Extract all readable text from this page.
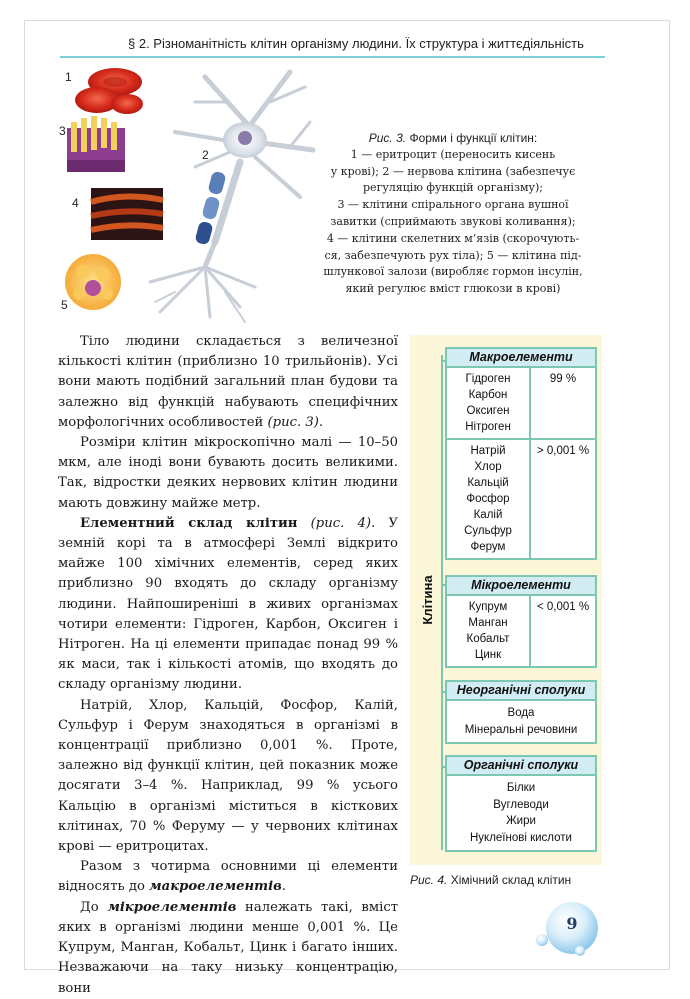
§ 2. Різноманітність клітин організму людини. Їх структура і життєдіяльність
1
2
3
4
5

Рис. 3. Форми і функції клітин:

1 — еритроцит (переносить кисень

у крові); 2 — нервова клітина (забезпечує

регуляцію функцій організму);

3 — клітини спірального органа вушної

завитки (сприймають звукові коливання);

4 — клітини скелетних м’язів (скорочують-

ся, забезпечують рух тіла); 5 — клітина під-

шлункової залози (виробляє гормон інсулін,

який регулює вміст глюкози в крові)

Тіло людини складається з величезної кількості клітин (приблизно 10 трильйонів). Усі вони мають подібний загальний план будови та залежно від функцій набувають специфічних морфологічних особливостей (рис. 3).

Розміри клітин мікроскопічно малі — 10–50 мкм, але іноді вони бувають досить великими. Так, відростки деяких нервових клітин людини мають довжину майже метр.

Елементний склад клітин (рис. 4). У земній корі та в атмосфері Землі відкрито майже 100 хімічних елементів, серед яких приблизно 90 входять до складу організму людини. Найпоширеніші в живих організмах чотири елементи: Гідроген, Карбон, Оксиген і Нітроген. На ці елементи припадає понад 99 % як маси, так і кількості атомів, що входять до складу організму людини.

Натрій, Хлор, Кальцій, Фосфор, Калій, Сульфур і Ферум знаходяться в організмі в концентрації приблизно 0,001 %. Проте, залежно від функції клітин, цей показник може досягати 3–4 %. Наприклад, 99 % усього Кальцію в організмі міститься в кісткових клітинах, 70 % Феруму — у червоних клітинах крові — еритроцитах.

Разом з чотирма основними ці елементи відносять до макроелементів.

До мікроелементів належать такі, вміст яких в організмі людини менше 0,001 %. Це Купрум, Манган, Кобальт, Цинк і багато інших. Незважаючи на таку низьку концентрацію, вони

Клітина
Макроелементи
Гідроген
Карбон
Оксиген
Нітроген
99 %
Натрій
Хлор
Кальцій
Фосфор
Калій
Сульфур
Ферум
> 0,001 %
Мікроелементи
Купрум
Манган
Кобальт
Цинк
< 0,001 %
Неорганічні сполуки
Вода
Мінеральні речовини
Органічні сполуки
Білки
Вуглеводи
Жири
Нуклеїнові кислоти
Рис. 4. Хімічний склад клітин
9
